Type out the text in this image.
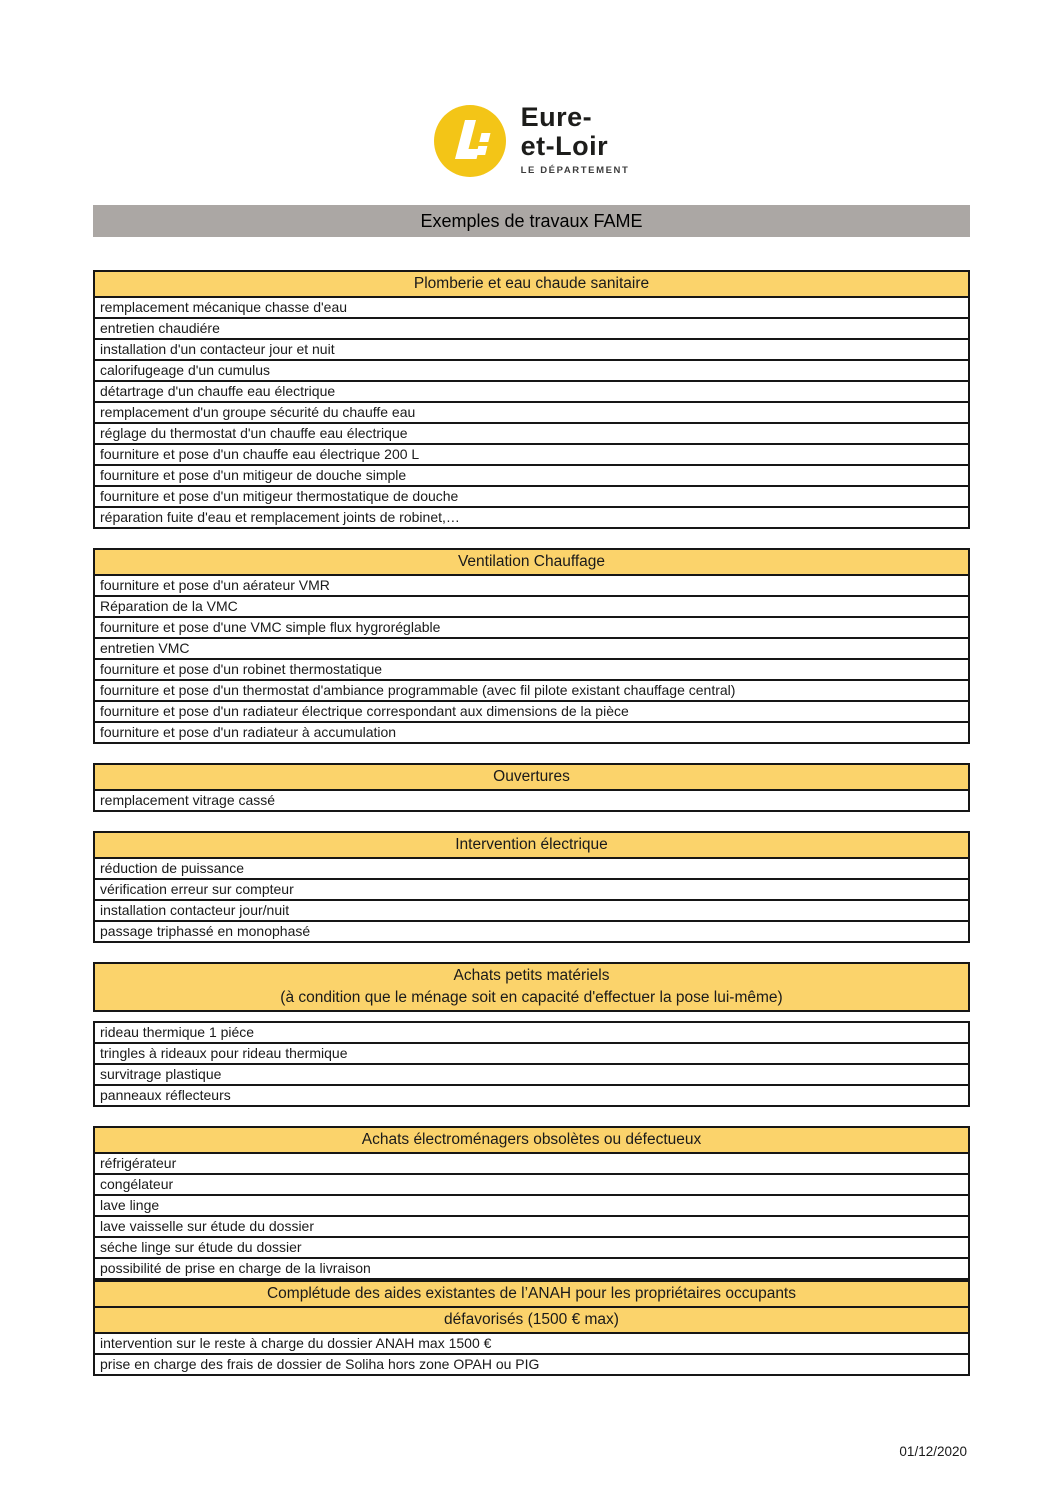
Eure-
et-Loir
LE DÉPARTEMENT
Exemples de travaux FAME
Plomberie et eau chaude sanitaire
remplacement mécanique chasse d'eau
entretien chaudiére
installation d'un contacteur jour et nuit
calorifugeage d'un cumulus
détartrage d'un chauffe eau électrique
remplacement d'un groupe sécurité du chauffe eau
réglage du thermostat d'un chauffe eau électrique
fourniture et pose d'un chauffe eau électrique 200 L
fourniture et pose d'un mitigeur de douche simple
fourniture et pose d'un mitigeur thermostatique de douche
réparation fuite d'eau et remplacement joints de robinet,…
Ventilation Chauffage
fourniture et pose d'un aérateur VMR
Réparation de la VMC
fourniture et pose d'une VMC simple flux hygroréglable
entretien VMC
fourniture et pose d'un robinet thermostatique
fourniture et pose d'un thermostat d'ambiance programmable (avec fil pilote existant chauffage central)
fourniture et pose d'un radiateur électrique correspondant aux dimensions de la pièce
fourniture et pose d'un radiateur à accumulation
Ouvertures
remplacement vitrage cassé
Intervention électrique
réduction de puissance
vérification erreur sur compteur
installation contacteur jour/nuit
passage triphassé en monophasé
Achats petits matériels
(à condition que le ménage soit en capacité d'effectuer la pose lui-même)
rideau thermique 1 piéce
tringles à rideaux pour rideau thermique
survitrage plastique
panneaux réflecteurs
Achats électroménagers obsolètes ou défectueux
réfrigérateur
congélateur
lave linge
lave vaisselle sur étude du dossier
séche linge sur étude du dossier
possibilité de prise en charge de la livraison
Complétude des aides existantes de l’ANAH pour les propriétaires occupants
défavorisés (1500 € max)
intervention sur le reste à charge du dossier ANAH max 1500 €
prise en charge des frais de dossier de Soliha hors zone OPAH ou PIG
01/12/2020
